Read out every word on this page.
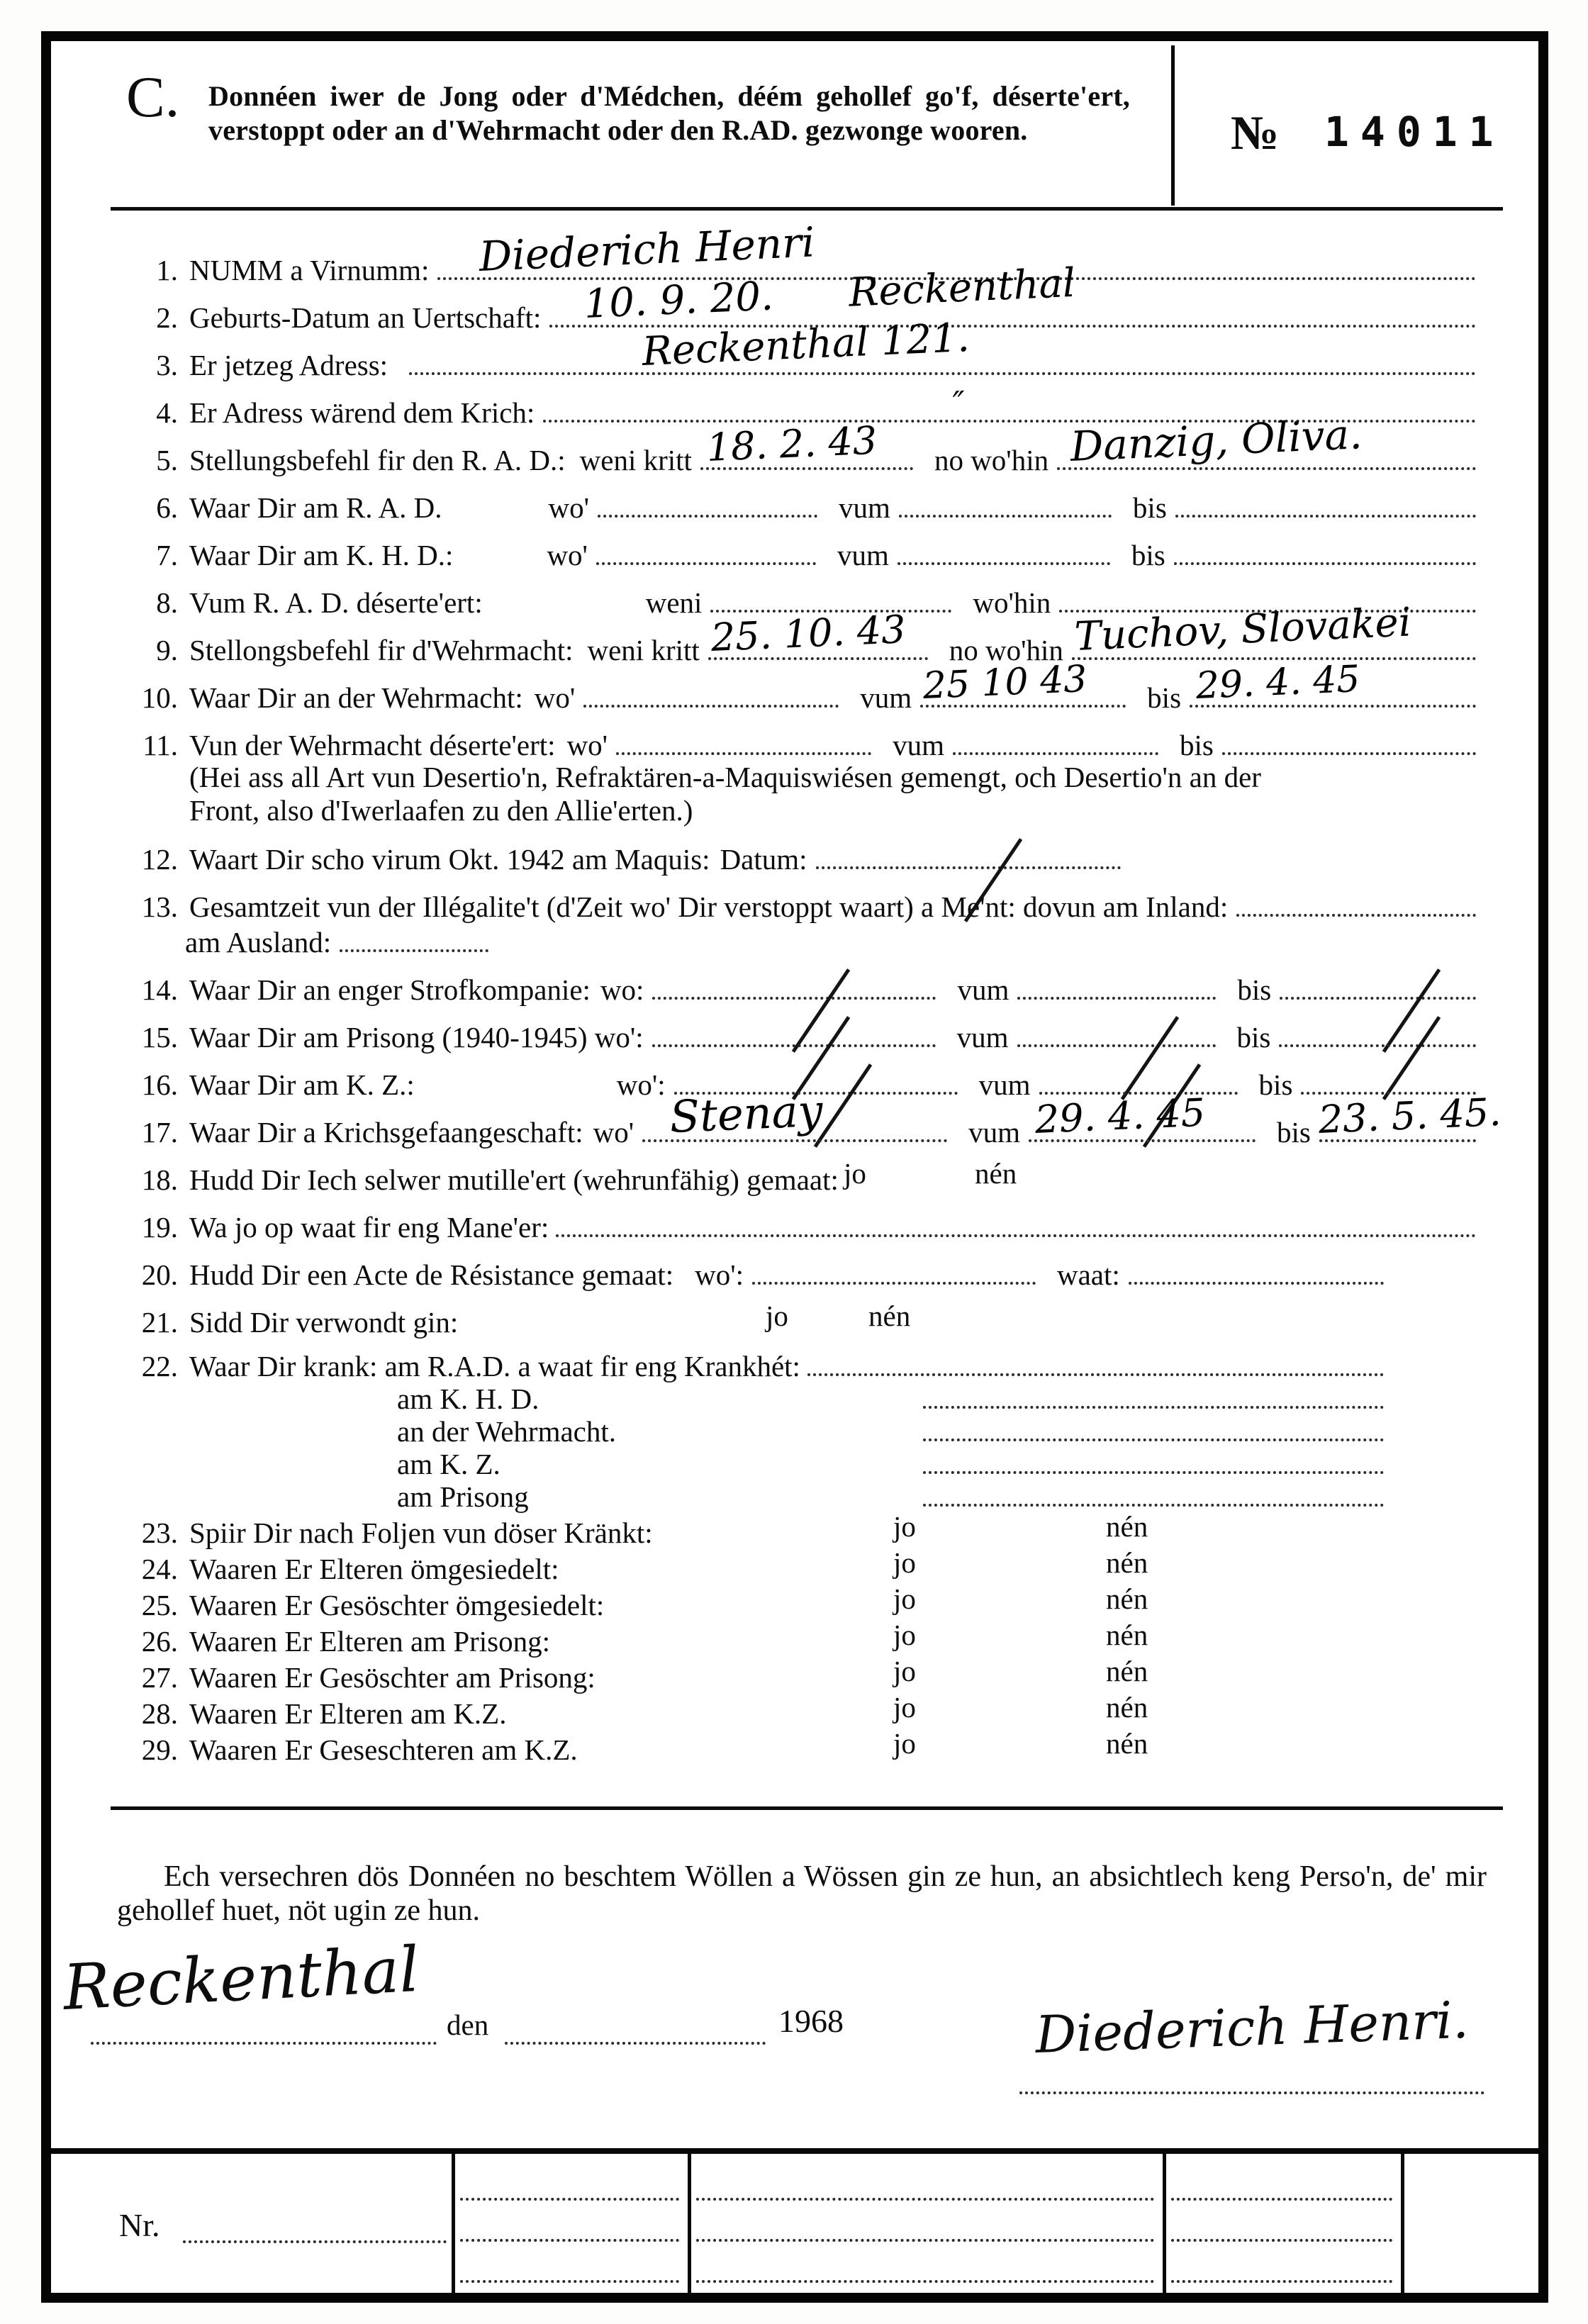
C. Donnéen iwer de Jong oder d'Médchen, déém gehollef go'f, déserte'ert, verstoppt oder an d'Wehrmacht oder den R.AD. gezwonge wooren.	№ 14011
1. NUMM a Virnumm: Diederich Henri
2. Geburts-Datum an Uertschaft: 10. 9. 20.      Reckenthal
3. Er jetzeg Adress:	Reckenthal 121.
4. Er Adress wärend dem Krich:	″
5. Stellungsbefehl fir den R. A. D.: weni kritt 18. 2. 43 no wo'hin Danzig, Oliva.
6. Waar Dir am R. A. D.	wo'	vum	bis
7. Waar Dir am K. H. D.:	wo'	vum	bis
8. Vum R. A. D. déserte'ert:	weni	wo'hin
9. Stellongsbefehl fir d'Wehrmacht: weni kritt 25. 10. 43 no wo'hin Tuchov, Slovakei
10. Waar Dir an der Wehrmacht: wo'	vum 25 10 43 bis 29. 4. 45
11. Vun der Wehrmacht déserte'ert: wo'	vum	bis
(Hei ass all Art vun Desertio'n, Refraktären-a-Maquiswiésen gemengt, och Desertio'n an der
Front, also d'Iwerlaafen zu den Allie'erten.)
12. Waart Dir scho virum Okt. 1942 am Maquis: Datum:
13. Gesamtzeit vun der Illégalite't (d'Zeit wo' Dir verstoppt waart) a Me'nt: dovun am Inland:
am Ausland:
14. Waar Dir an enger Strofkompanie: wo:	vum	bis
15. Waar Dir am Prisong (1940-1945) wo':	vum	bis
16. Waar Dir am K. Z.:	wo':	vum	bis
17. Waar Dir a Krichsgefaangeschaft: wo' Stenay	vum 29. 4. 45 bis 23. 5. 45.
18. Hudd Dir Iech selwer mutille'ert (wehrunfähig) gemaat: jo	nén
19. Wa jo op waat fir eng Mane'er:
20. Hudd Dir een Acte de Résistance gemaat: wo':	waat:
21. Sidd Dir verwondt gin:	jo	nén
22. Waar Dir krank: am R.A.D. a waat fir eng Krankhét:
am K. H. D.
an der Wehrmacht.
am K. Z.
am Prisong
23. Spiir Dir nach Foljen vun döser Kränkt:	jo	nén
24. Waaren Er Elteren ömgesiedelt:	jo	nén
25. Waaren Er Gesöschter ömgesiedelt:	jo	nén
26. Waaren Er Elteren am Prisong:	jo	nén
27. Waaren Er Gesöschter am Prisong:	jo	nén
28. Waaren Er Elteren am K.Z.	jo	nén
29. Waaren Er Geseschteren am K.Z.	jo	nén

Ech versechren dös Donnéen no beschtem Wöllen a Wössen gin ze hun, an absichtlech keng Perso'n, de' mir gehollef huet, nöt ugin ze hun.

Reckenthal
den	1968	Diederich Henri.
Nr.
